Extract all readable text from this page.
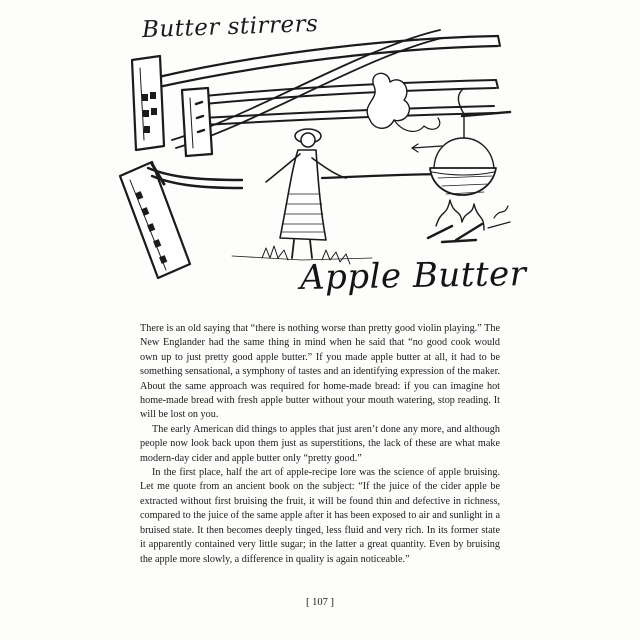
Butter stirrers
Apple Butter

There is an old saying that “there is nothing worse than pretty good violin playing.” The New Englander had the same thing in mind when he said that “no good cook would own up to just pretty good apple butter.” If you made apple butter at all, it had to be something sensational, a symphony of tastes and an identifying expression of the maker. About the same approach was required for home-made bread: if you can imagine hot home-made bread with fresh apple butter without your mouth watering, stop reading. It will be lost on you.

The early American did things to apples that just aren’t done any more, and although people now look back upon them just as superstitions, the lack of these are what make modern-day cider and apple butter only “pretty good.”

In the first place, half the art of apple-recipe lore was the science of apple bruising. Let me quote from an ancient book on the subject: “If the juice of the cider apple be extracted without first bruising the fruit, it will be found thin and defective in richness, compared to the juice of the same apple after it has been exposed to air and sunlight in a bruised state. It then becomes deeply tinged, less fluid and very rich. In its former state it apparently contained very little sugar; in the latter a great quantity. Even by bruising the apple more slowly, a difference in quality is again noticeable.”

[ 107 ]
